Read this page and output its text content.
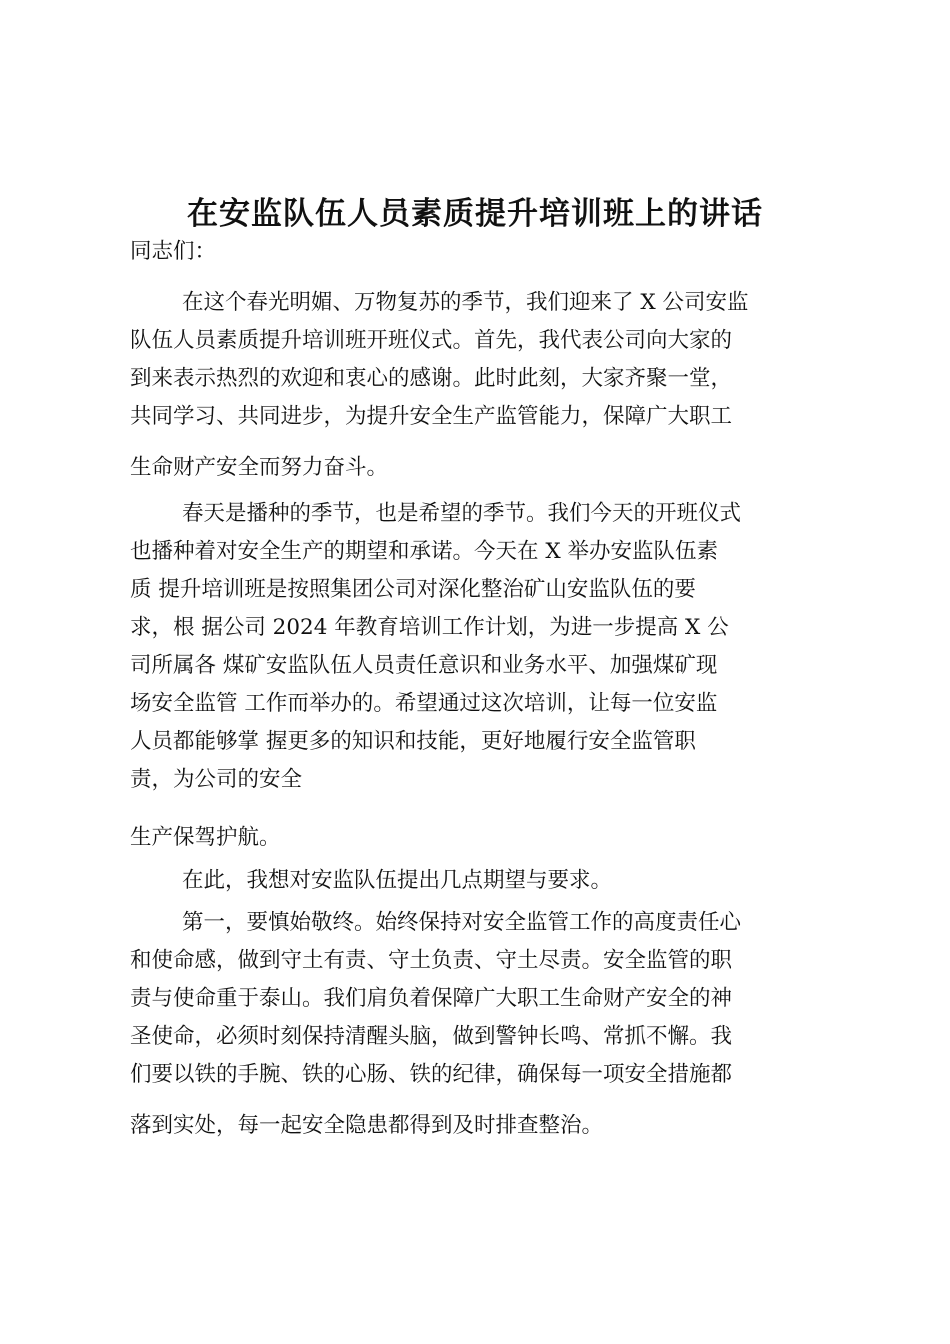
在安监队伍人员素质提升培训班上的讲话

同志们：

在这个春光明媚、万物复苏的季节，我们迎来了 X 公司安监

队伍人员素质提升培训班开班仪式。首先，我代表公司向大家的

到来表示热烈的欢迎和衷心的感谢。此时此刻，大家齐聚一堂，

共同学习、共同进步，为提升安全生产监管能力，保障广大职工

生命财产安全而努力奋斗。

春天是播种的季节，也是希望的季节。我们今天的开班仪式

也播种着对安全生产的期望和承诺。今天在 X 举办安监队伍素

质 提升培训班是按照集团公司对深化整治矿山安监队伍的要

求，根 据公司 2024 年教育培训工作计划，为进一步提高 X 公

司所属各 煤矿安监队伍人员责任意识和业务水平、加强煤矿现

场安全监管 工作而举办的。希望通过这次培训，让每一位安监

人员都能够掌 握更多的知识和技能，更好地履行安全监管职

责，为公司的安全

生产保驾护航。

在此，我想对安监队伍提出几点期望与要求。

第一，要慎始敬终。始终保持对安全监管工作的高度责任心

和使命感，做到守土有责、守土负责、守土尽责。安全监管的职

责与使命重于泰山。我们肩负着保障广大职工生命财产安全的神

圣使命，必须时刻保持清醒头脑，做到警钟长鸣、常抓不懈。我

们要以铁的手腕、铁的心肠、铁的纪律，确保每一项安全措施都

落到实处，每一起安全隐患都得到及时排查整治。
